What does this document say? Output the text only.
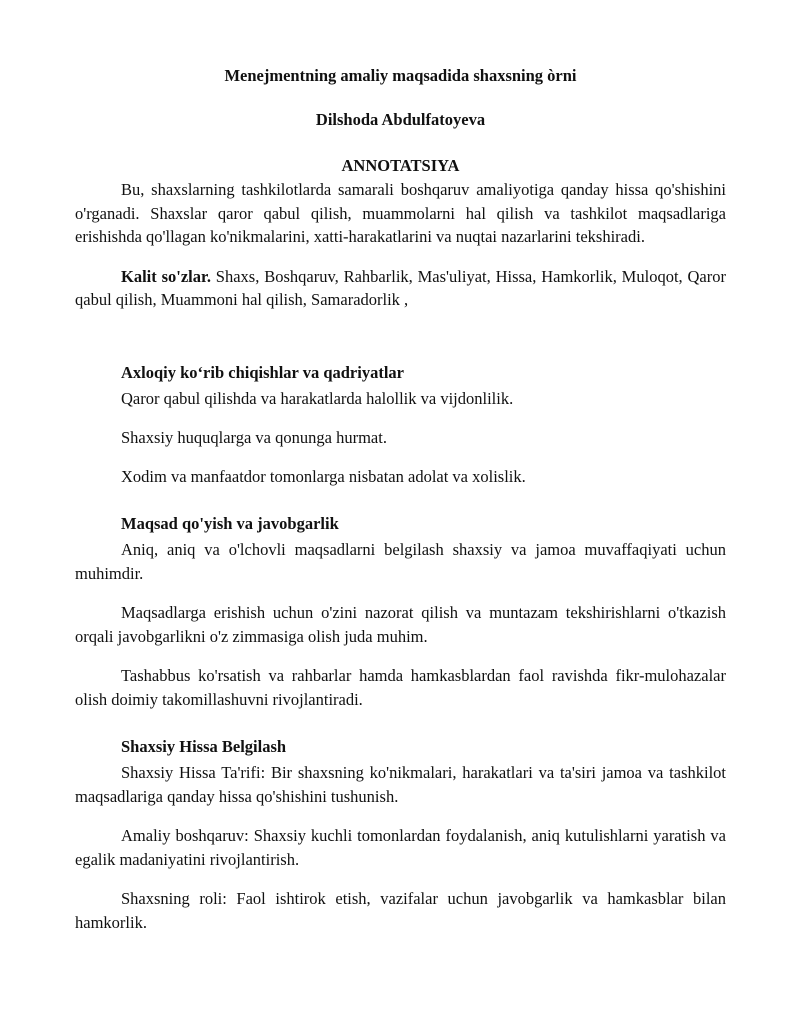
Menejmentning amaliy maqsadida shaxsning òrni
Dilshoda Abdulfatoyeva
ANNOTATSIYA

Bu, shaxslarning tashkilotlarda samarali boshqaruv amaliyotiga qanday hissa qo'shishini o'rganadi. Shaxslar qaror qabul qilish, muammolarni hal qilish va tashkilot maqsadlariga erishishda qo'llagan ko'nikmalarini, xatti-harakatlarini va nuqtai nazarlarini tekshiradi.

Kalit so'zlar. Shaxs, Boshqaruv, Rahbarlik, Mas'uliyat, Hissa, Hamkorlik, Muloqot, Qaror qabul qilish, Muammoni hal qilish, Samaradorlik ,

Axloqiy ko‘rib chiqishlar va qadriyatlar

Qaror qabul qilishda va harakatlarda halollik va vijdonlilik.

Shaxsiy huquqlarga va qonunga hurmat.

Xodim va manfaatdor tomonlarga nisbatan adolat va xolislik.

Maqsad qo'yish va javobgarlik

Aniq, aniq va o'lchovli maqsadlarni belgilash shaxsiy va jamoa muvaffaqiyati uchun muhimdir.

Maqsadlarga erishish uchun o'zini nazorat qilish va muntazam tekshirishlarni o'tkazish orqali javobgarlikni o'z zimmasiga olish juda muhim.

Tashabbus ko'rsatish va rahbarlar hamda hamkasblardan faol ravishda fikr-mulohazalar olish doimiy takomillashuvni rivojlantiradi.

Shaxsiy Hissa Belgilash

Shaxsiy Hissa Ta'rifi: Bir shaxsning ko'nikmalari, harakatlari va ta'siri jamoa va tashkilot maqsadlariga qanday hissa qo'shishini tushunish.

Amaliy boshqaruv: Shaxsiy kuchli tomonlardan foydalanish, aniq kutulishlarni yaratish va egalik madaniyatini rivojlantirish.

Shaxsning roli: Faol ishtirok etish, vazifalar uchun javobgarlik va hamkasblar bilan hamkorlik.
